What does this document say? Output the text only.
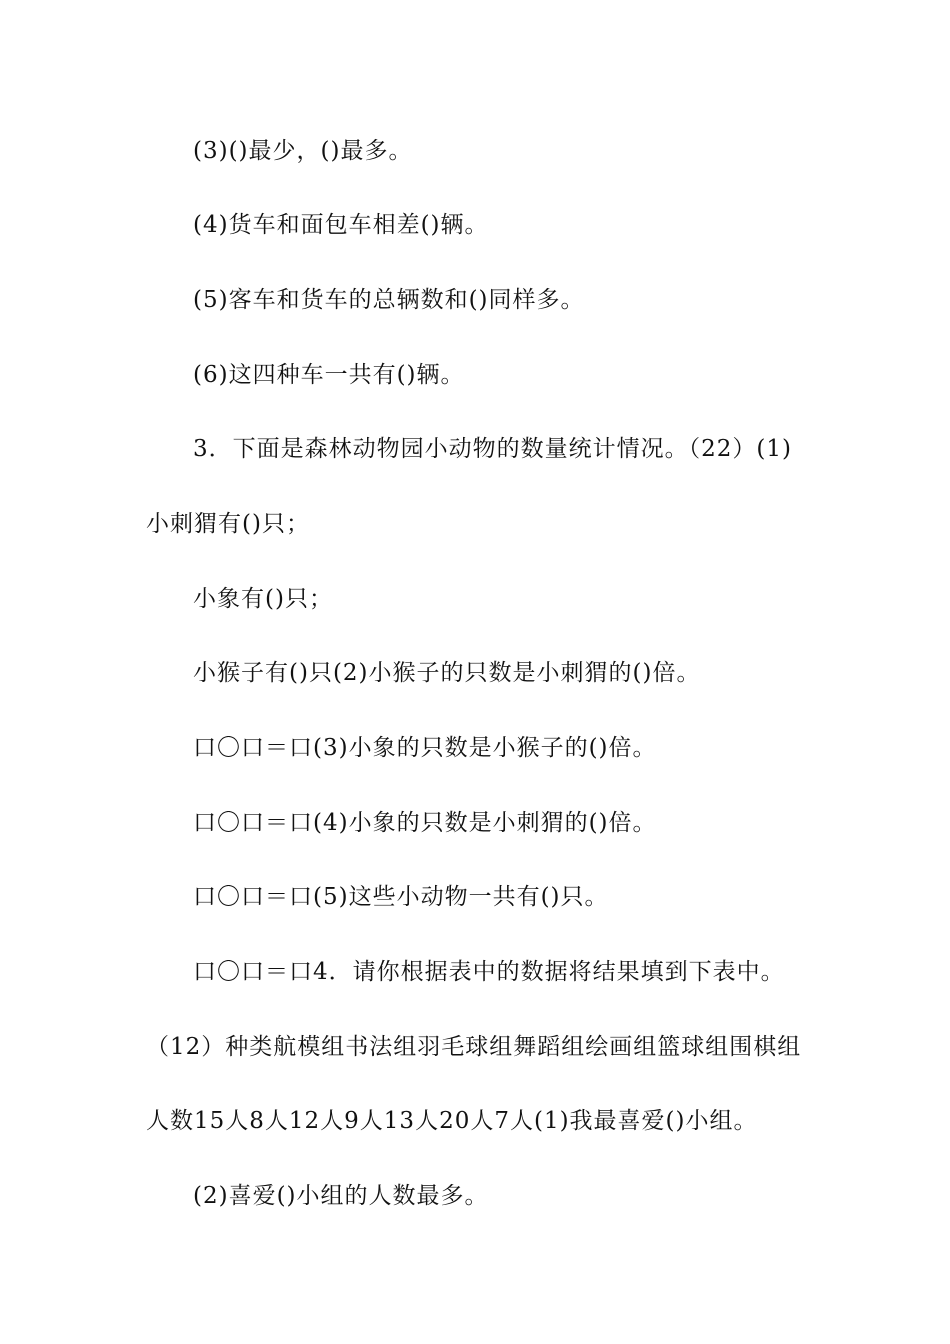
(3)()最少，()最多。
(4)货车和面包车相差()辆。
(5)客车和货车的总辆数和()同样多。
(6)这四种车一共有()辆。
3．下面是森林动物园小动物的数量统计情况。（22）(1)
小刺猬有()只；
小象有()只；
小猴子有()只(2)小猴子的只数是小刺猬的()倍。
口〇口＝口(3)小象的只数是小猴子的()倍。
口〇口＝口(4)小象的只数是小刺猬的()倍。
口〇口＝口(5)这些小动物一共有()只。
口〇口＝口4．请你根据表中的数据将结果填到下表中。
（12）种类航模组书法组羽毛球组舞蹈组绘画组篮球组围棋组
人数15人8人12人9人13人20人7人(1)我最喜爱()小组。
(2)喜爱()小组的人数最多。
